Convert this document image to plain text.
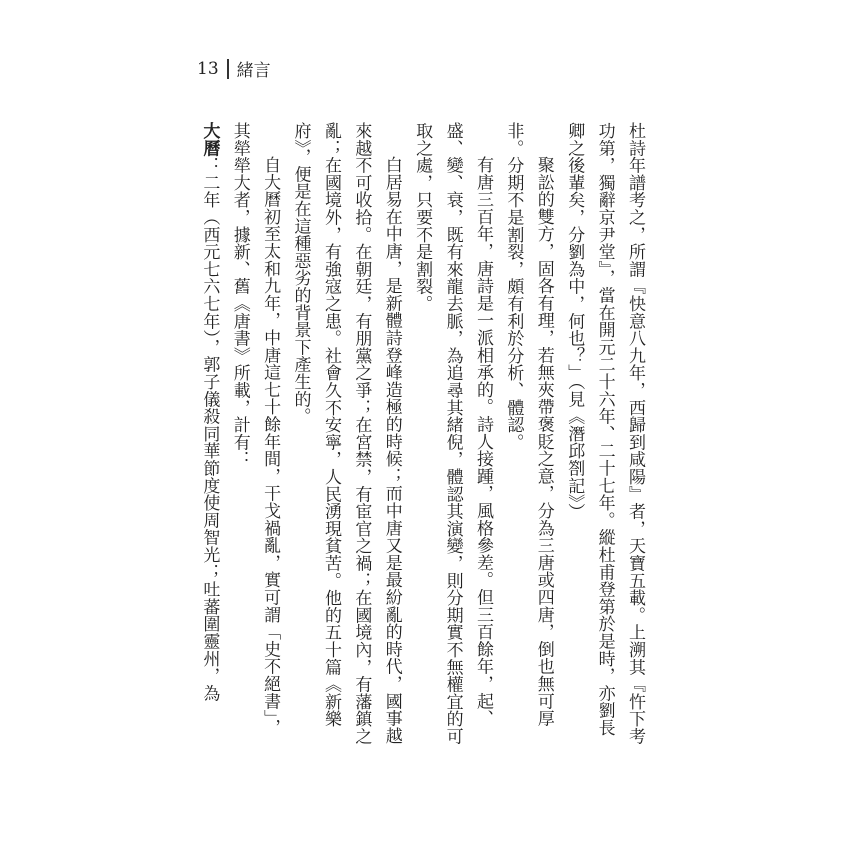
13 緒言
杜詩年譜考之，所謂『快意八九年，西歸到咸陽』者，天寶五載。上溯其『忤下考
功第，獨辭京尹堂』，當在開元二十六年、二十七年。縱杜甫登第於是時，亦劉長
卿之後輩矣，分劉為中，何也？」（見《潛邱劄記》）
聚訟的雙方，固各有理，若無夾帶褒貶之意，分為三唐或四唐，倒也無可厚
非。分期不是割裂，頗有利於分析、體認。
有唐三百年，唐詩是一派相承的。詩人接踵，風格參差。但三百餘年，起、
盛、變、衰，既有來龍去脈，為追尋其緒倪，體認其演變，則分期實不無權宜的可
取之處，只要不是割裂。
白居易在中唐，是新體詩登峰造極的時候；而中唐又是最紛亂的時代，國事越
來越不可收拾。在朝廷，有朋黨之爭；在宮禁，有宦官之禍；在國境內，有藩鎮之
亂；在國境外，有強寇之患。社會久不安寧，人民湧現貧苦。他的五十篇《新樂
府》，便是在這種惡劣的背景下產生的。
自大曆初至太和九年，中唐這七十餘年間，干戈禍亂，實可謂「史不絕書」，
其犖犖大者，據新、舊《唐書》所載，計有：
大曆：二年（西元七六七年），郭子儀殺同華節度使周智光；吐蕃圍靈州，為
